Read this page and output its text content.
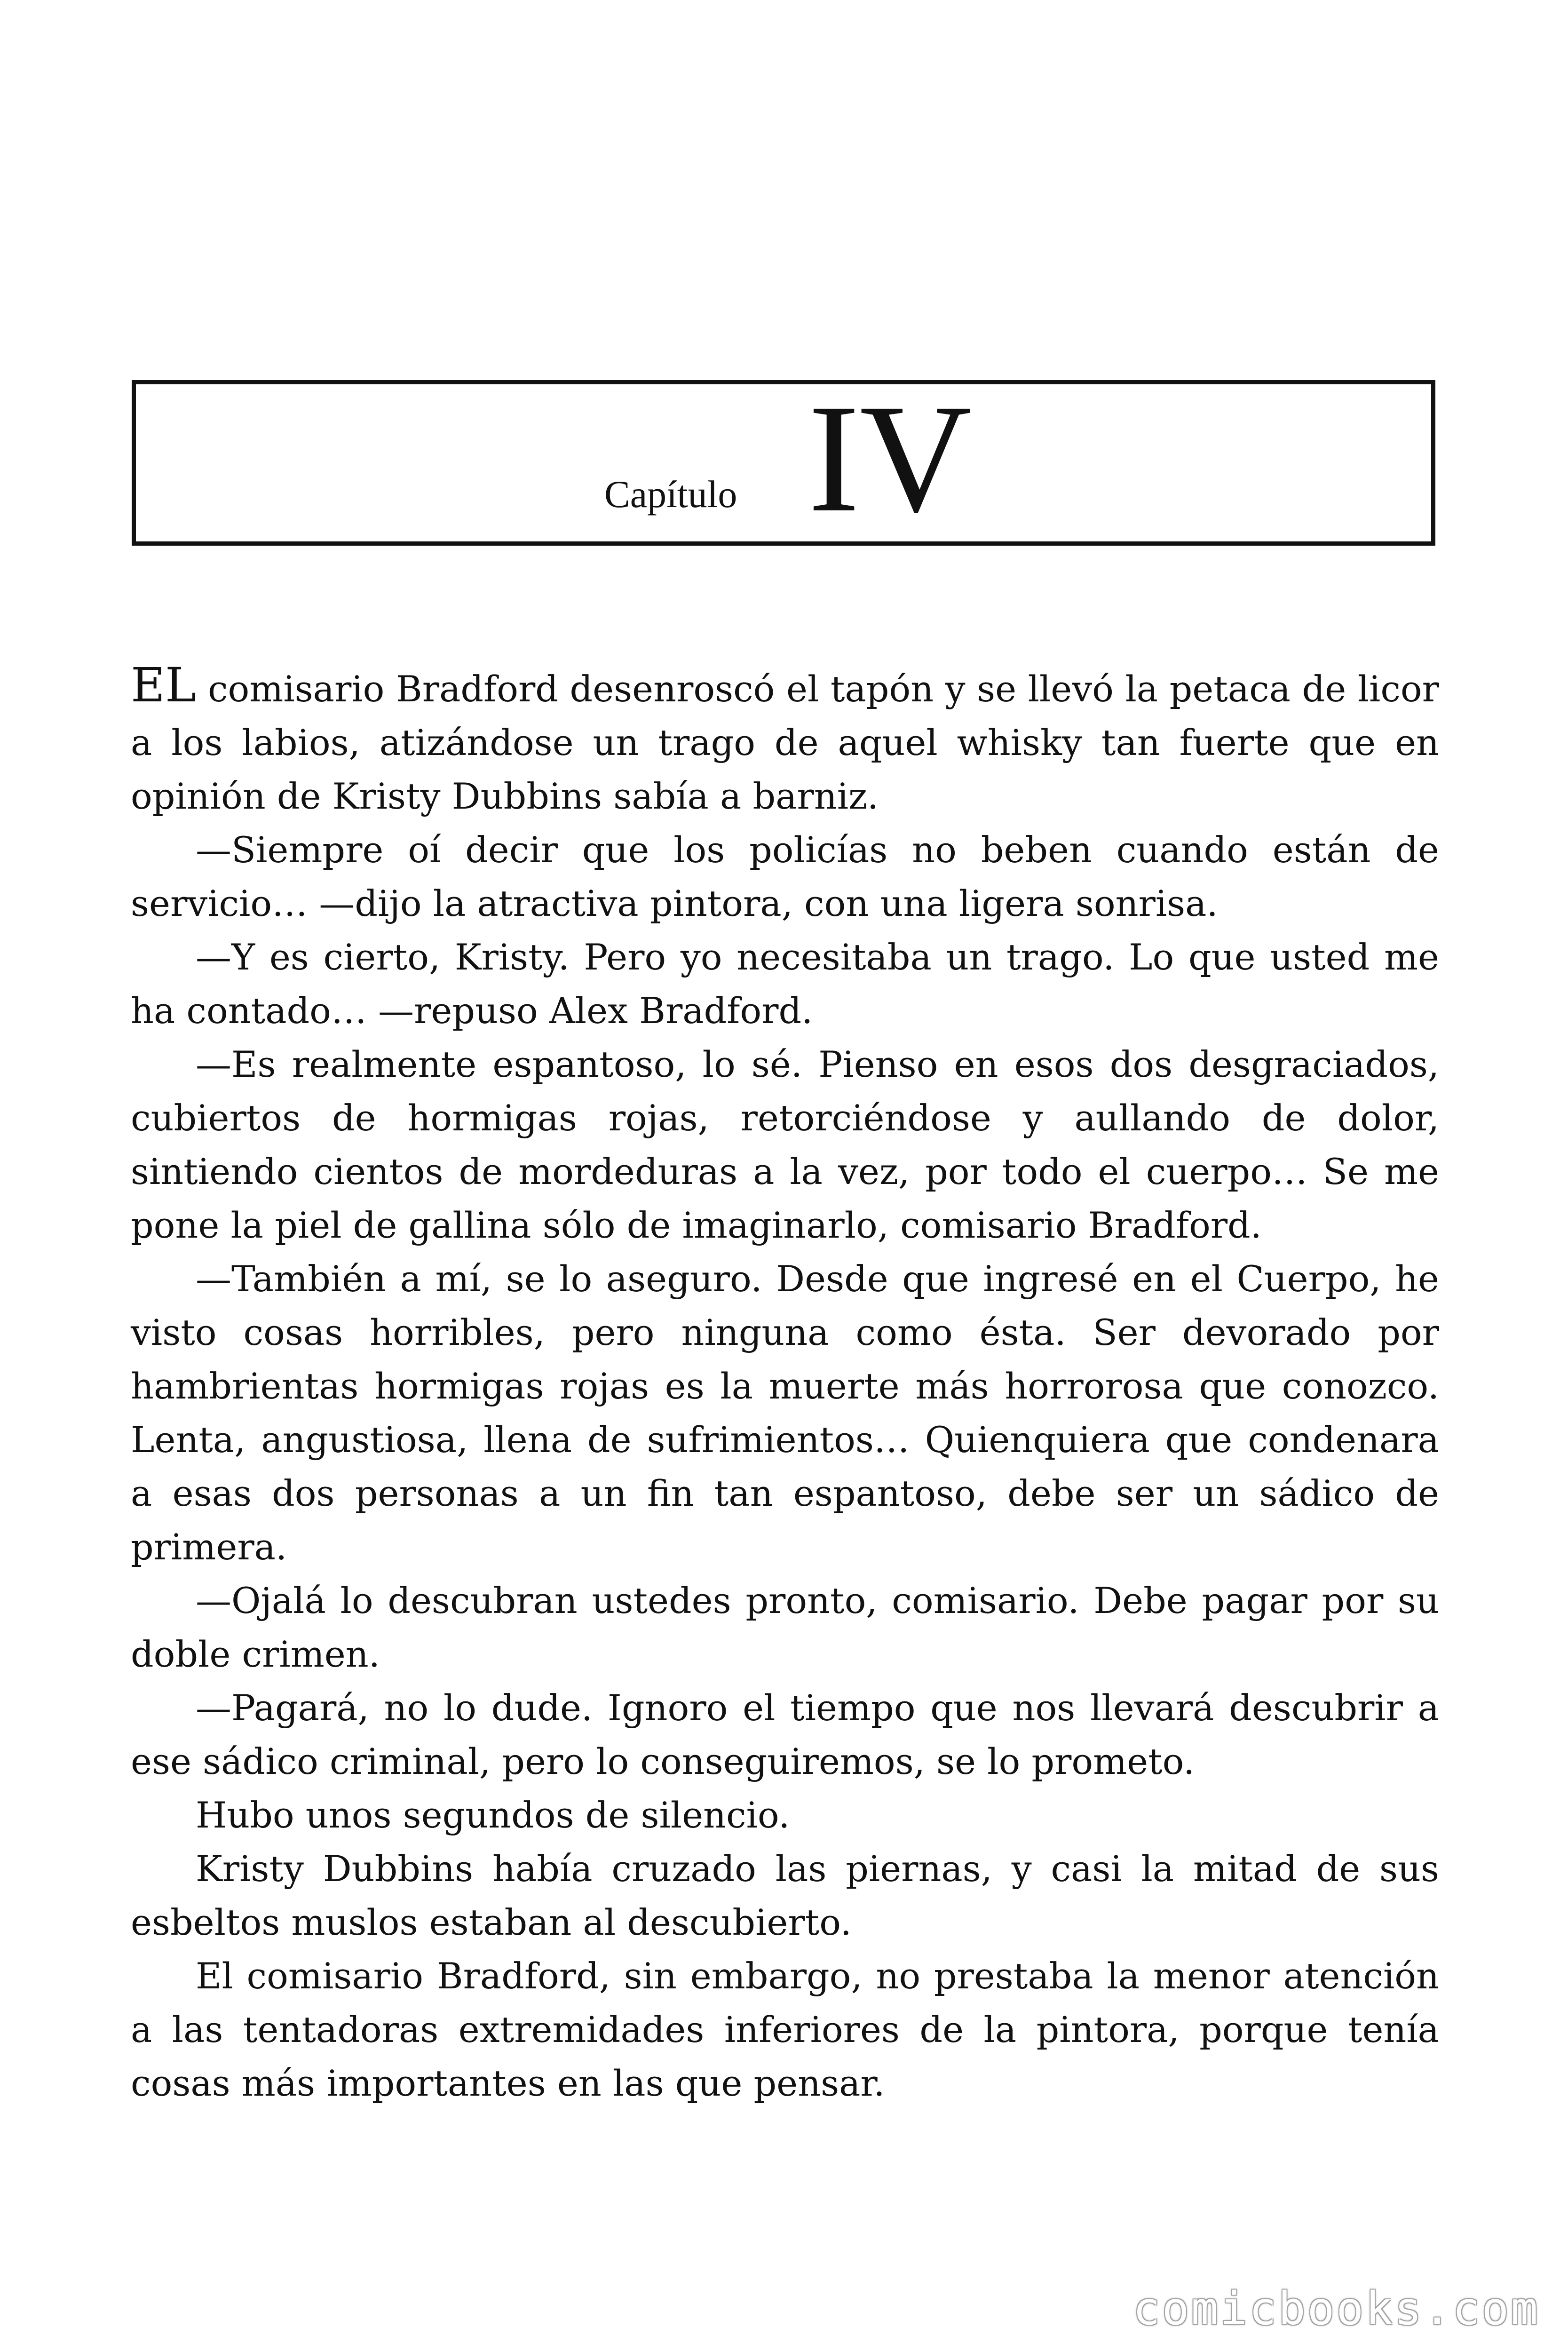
Capítulo IV

EL comisario Bradford desenroscó el tapón y se llevó la petaca de licor a los labios, atizándose un trago de aquel whisky tan fuerte que en opinión de Kristy Dubbins sabía a barniz.

—Siempre oí decir que los policías no beben cuando están de servicio… —dijo la atractiva pintora, con una ligera sonrisa.

—Y es cierto, Kristy. Pero yo necesitaba un trago. Lo que usted me ha contado… —repuso Alex Bradford.

—Es realmente espantoso, lo sé. Pienso en esos dos desgraciados, cubiertos de hormigas rojas, retorciéndose y aullando de dolor, sintiendo cientos de mordeduras a la vez, por todo el cuerpo… Se me pone la piel de gallina sólo de imaginarlo, comisario Bradford.

—También a mí, se lo aseguro. Desde que ingresé en el Cuerpo, he visto cosas horribles, pero ninguna como ésta. Ser devorado por hambrientas hormigas rojas es la muerte más horrorosa que conozco. Lenta, angustiosa, llena de sufrimientos… Quienquiera que condenara a esas dos personas a un fin tan espantoso, debe ser un sádico de primera.

—Ojalá lo descubran ustedes pronto, comisario. Debe pagar por su doble crimen.

—Pagará, no lo dude. Ignoro el tiempo que nos llevará descubrir a ese sádico criminal, pero lo conseguiremos, se lo prometo.

Hubo unos segundos de silencio.

Kristy Dubbins había cruzado las piernas, y casi la mitad de sus esbeltos muslos estaban al descubierto.

El comisario Bradford, sin embargo, no prestaba la menor atención a las tentadoras extremidades inferiores de la pintora, porque tenía cosas más importantes en las que pensar.

comicbooks.com
